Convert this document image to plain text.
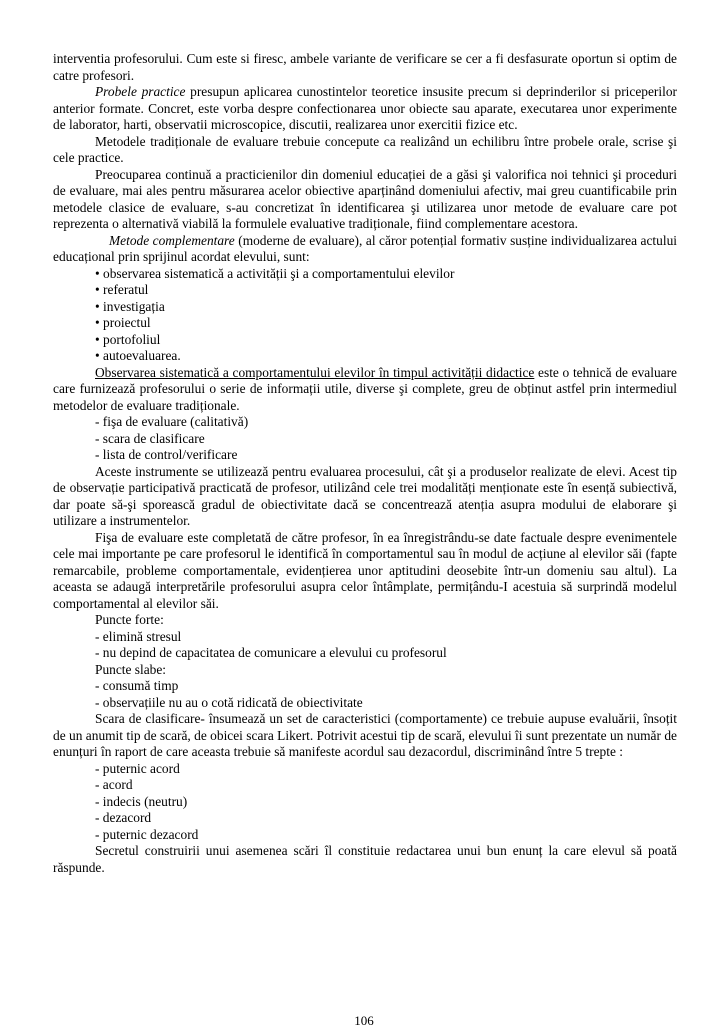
interventia profesorului. Cum este si firesc, ambele variante de verificare se cer a fi desfasurate oportun si optim de catre profesori.

Probele practice presupun aplicarea cunostintelor teoretice insusite precum si deprinderilor si priceperilor anterior formate. Concret, este vorba despre confectionarea unor obiecte sau aparate, executarea unor experimente de laborator, harti, observatii microscopice, discutii, realizarea unor exercitii fizice etc.

Metodele tradiționale de evaluare trebuie concepute ca realizând un echilibru între probele orale, scrise şi cele practice.

Preocuparea continuă a practicienilor din domeniul educației de a găsi şi valorifica noi tehnici şi proceduri de evaluare, mai ales pentru măsurarea acelor obiective aparținând domeniului afectiv, mai greu cuantificabile prin metodele clasice de evaluare, s-au concretizat în identificarea şi utilizarea unor metode de evaluare care pot reprezenta o alternativă viabilă la formulele evaluative tradiționale, fiind complementare acestora.

Metode complementare (moderne de evaluare), al căror potențial formativ susține individualizarea actului educațional prin sprijinul acordat elevului, sunt:

• observarea sistematică a activității şi a comportamentului elevilor

• referatul

• investigația

• proiectul

• portofoliul

• autoevaluarea.

Observarea sistematică a comportamentului elevilor în timpul activității didactice este o tehnică de evaluare care furnizează profesorului o serie de informații utile, diverse şi complete, greu de obținut astfel prin intermediul metodelor de evaluare tradiționale.

- fişa de evaluare (calitativă)

- scara de clasificare

- lista de control/verificare

Aceste instrumente se utilizează pentru evaluarea procesului, cât şi a produselor realizate de elevi. Acest tip de observație participativă practicată de profesor, utilizând cele trei modalități menționate este în esență subiectivă, dar poate să-şi sporească gradul de obiectivitate dacă se concentrează atenția asupra modului de elaborare şi utilizare a instrumentelor.

Fişa de evaluare este completată de către profesor, în ea înregistrându-se date factuale despre evenimentele cele mai importante pe care profesorul le identifică în comportamentul sau în modul de acțiune al elevilor săi (fapte remarcabile, probleme comportamentale, evidențierea unor aptitudini deosebite într-un domeniu sau altul). La aceasta se adaugă interpretările profesorului asupra celor întâmplate, permițându-I acestuia să surprindă modelul comportamental al elevilor săi.

Puncte forte:

- elimină stresul

- nu depind de capacitatea de comunicare a elevului cu profesorul

Puncte slabe:

- consumă timp

- observațiile nu au o cotă ridicată de obiectivitate

Scara de clasificare- însumează un set de caracteristici (comportamente) ce trebuie aupuse evaluării, însoțit de un anumit tip de scară, de obicei scara Likert. Potrivit acestui tip de scară, elevului îi sunt prezentate un număr de enunțuri în raport de care aceasta trebuie să manifeste acordul sau dezacordul, discriminând între 5 trepte :

- puternic acord

- acord

- indecis (neutru)

- dezacord

- puternic dezacord

Secretul construirii unui asemenea scări îl constituie redactarea unui bun enunț la care elevul să poată răspunde.

106
